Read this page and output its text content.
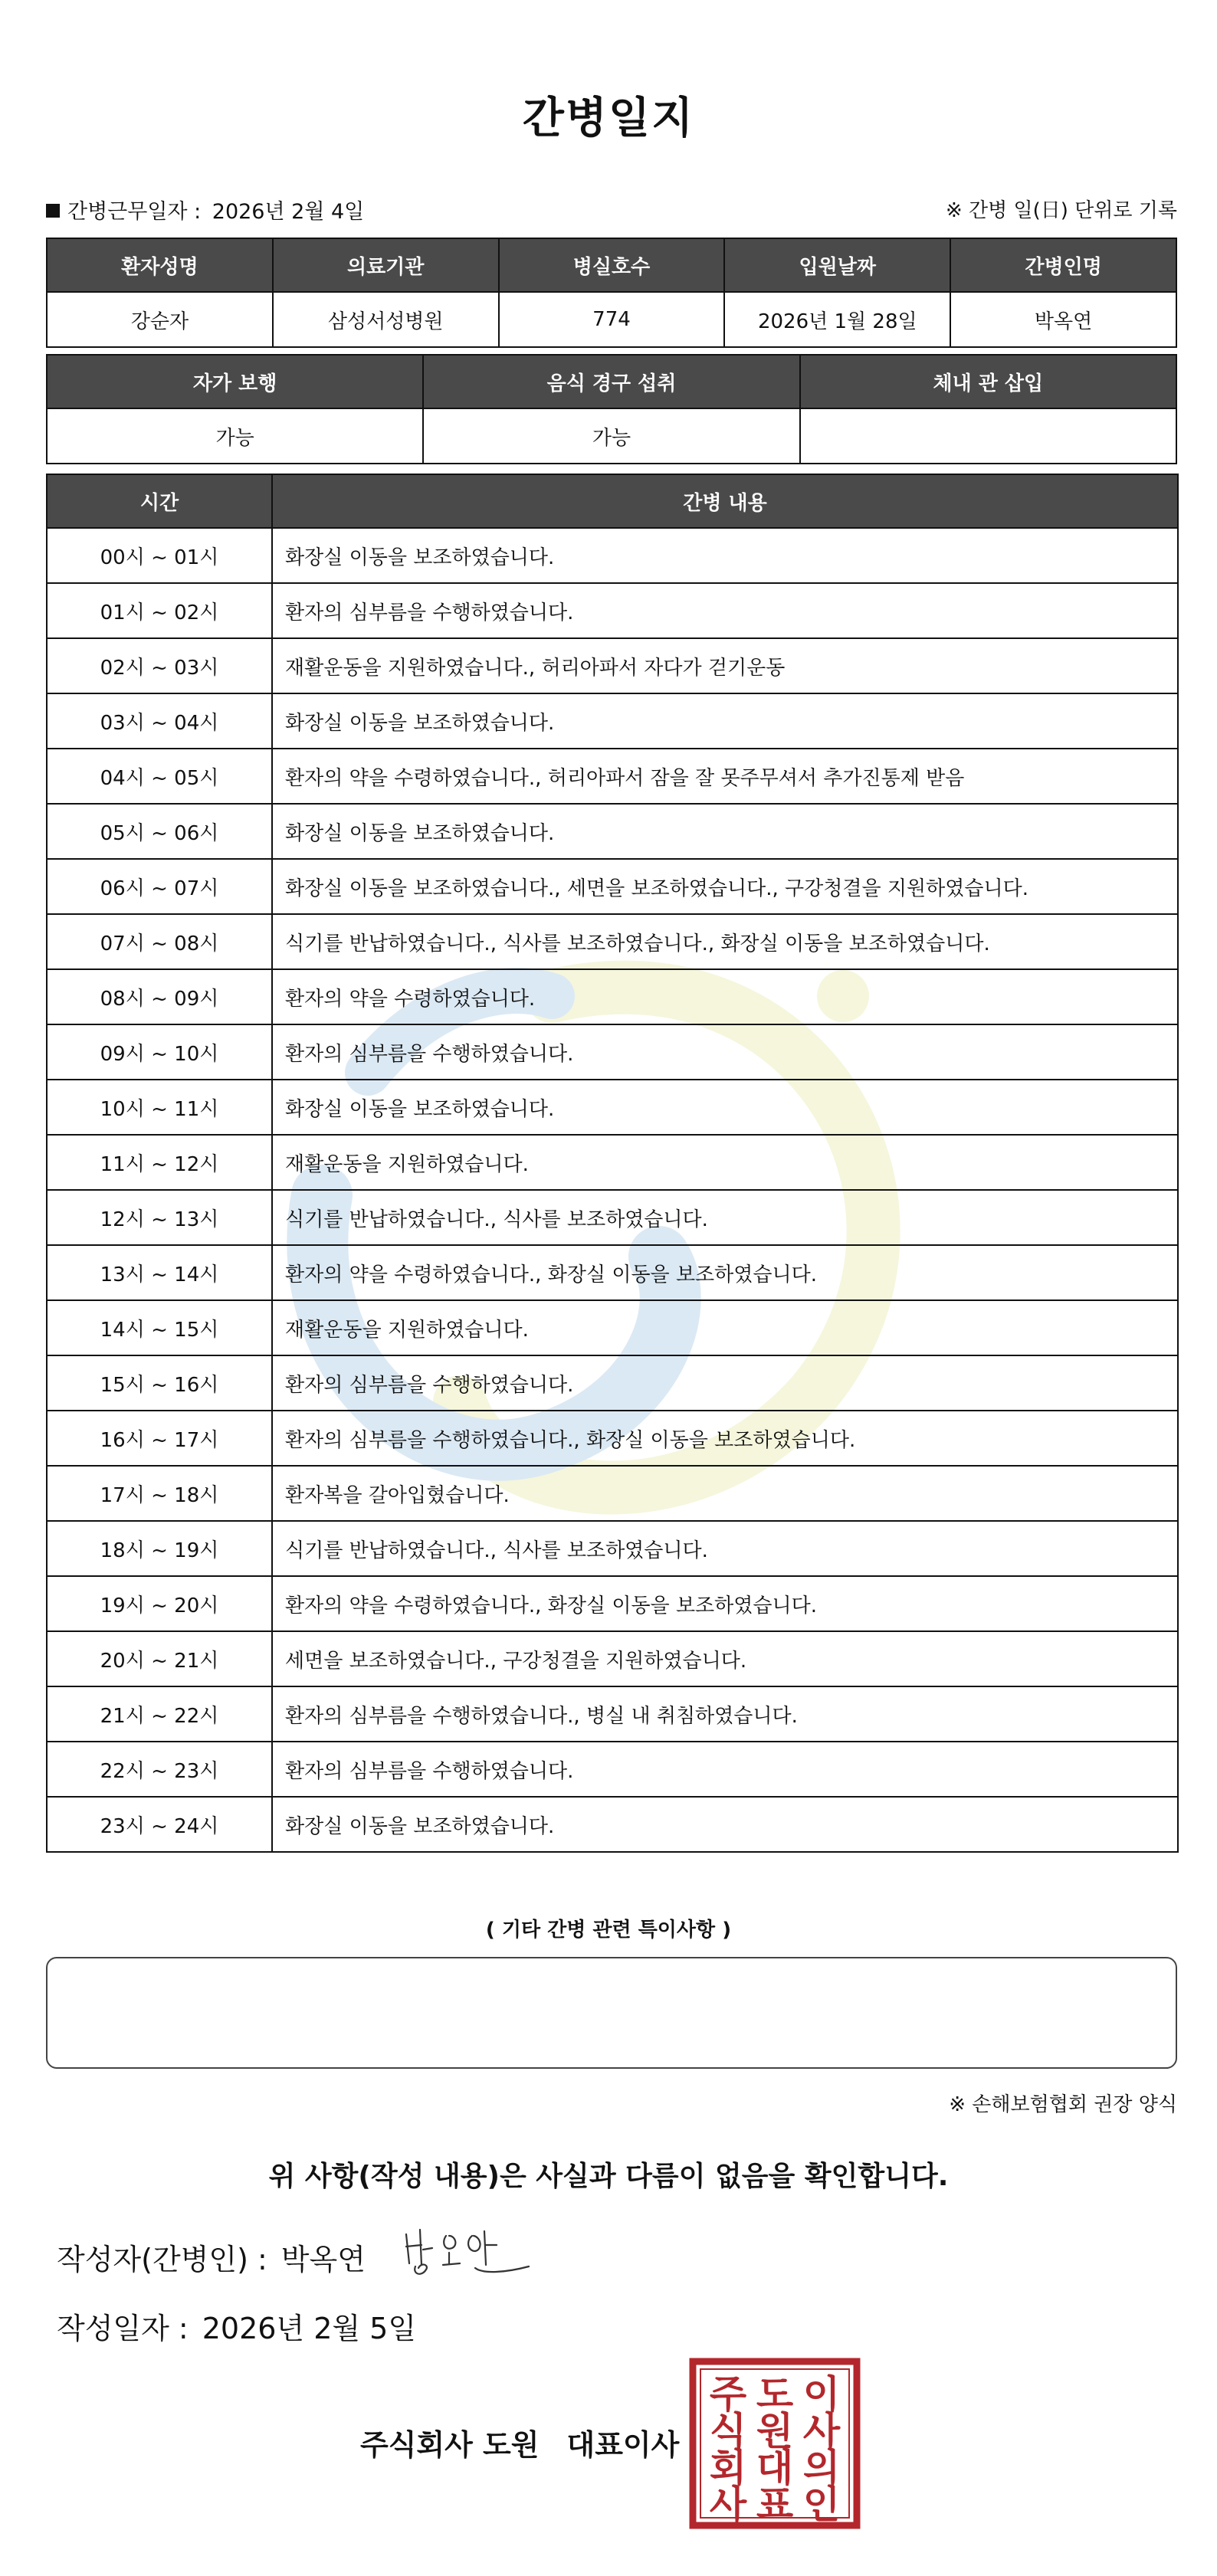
간병일지
간병근무일자 : 2026년 2월 4일	※ 간병 일(日) 단위로 기록
환자성명	의료기관	병실호수	입원날짜	간병인명
강순자	삼성서성병원	774	2026년 1월 28일	박옥연
자가 보행	음식 경구 섭취	체내 관 삽입
가능	가능	
시간	간병 내용
00시 ~ 01시	화장실 이동을 보조하였습니다.
01시 ~ 02시	환자의 심부름을 수행하였습니다.
02시 ~ 03시	재활운동을 지원하였습니다., 허리아파서 자다가 걷기운동
03시 ~ 04시	화장실 이동을 보조하였습니다.
04시 ~ 05시	환자의 약을 수령하였습니다., 허리아파서 잠을 잘 못주무셔서 추가진통제 받음
05시 ~ 06시	화장실 이동을 보조하였습니다.
06시 ~ 07시	화장실 이동을 보조하였습니다., 세면을 보조하였습니다., 구강청결을 지원하였습니다.
07시 ~ 08시	식기를 반납하였습니다., 식사를 보조하였습니다., 화장실 이동을 보조하였습니다.
08시 ~ 09시	환자의 약을 수령하였습니다.
09시 ~ 10시	환자의 심부름을 수행하였습니다.
10시 ~ 11시	화장실 이동을 보조하였습니다.
11시 ~ 12시	재활운동을 지원하였습니다.
12시 ~ 13시	식기를 반납하였습니다., 식사를 보조하였습니다.
13시 ~ 14시	환자의 약을 수령하였습니다., 화장실 이동을 보조하였습니다.
14시 ~ 15시	재활운동을 지원하였습니다.
15시 ~ 16시	환자의 심부름을 수행하였습니다.
16시 ~ 17시	환자의 심부름을 수행하였습니다., 화장실 이동을 보조하였습니다.
17시 ~ 18시	환자복을 갈아입혔습니다.
18시 ~ 19시	식기를 반납하였습니다., 식사를 보조하였습니다.
19시 ~ 20시	환자의 약을 수령하였습니다., 화장실 이동을 보조하였습니다.
20시 ~ 21시	세면을 보조하였습니다., 구강청결을 지원하였습니다.
21시 ~ 22시	환자의 심부름을 수행하였습니다., 병실 내 취침하였습니다.
22시 ~ 23시	환자의 심부름을 수행하였습니다.
23시 ~ 24시	화장실 이동을 보조하였습니다.
( 기타 간병 관련 특이사항 )
※ 손해보험협회 권장 양식
위 사항(작성 내용)은 사실과 다름이 없음을 확인합니다.
작성자(간병인) : 박옥연
작성일자 : 2026년 2월 5일
주식회사 도원 대표이사
주
식
회
사
도
원
대
표
이
사
의
인
